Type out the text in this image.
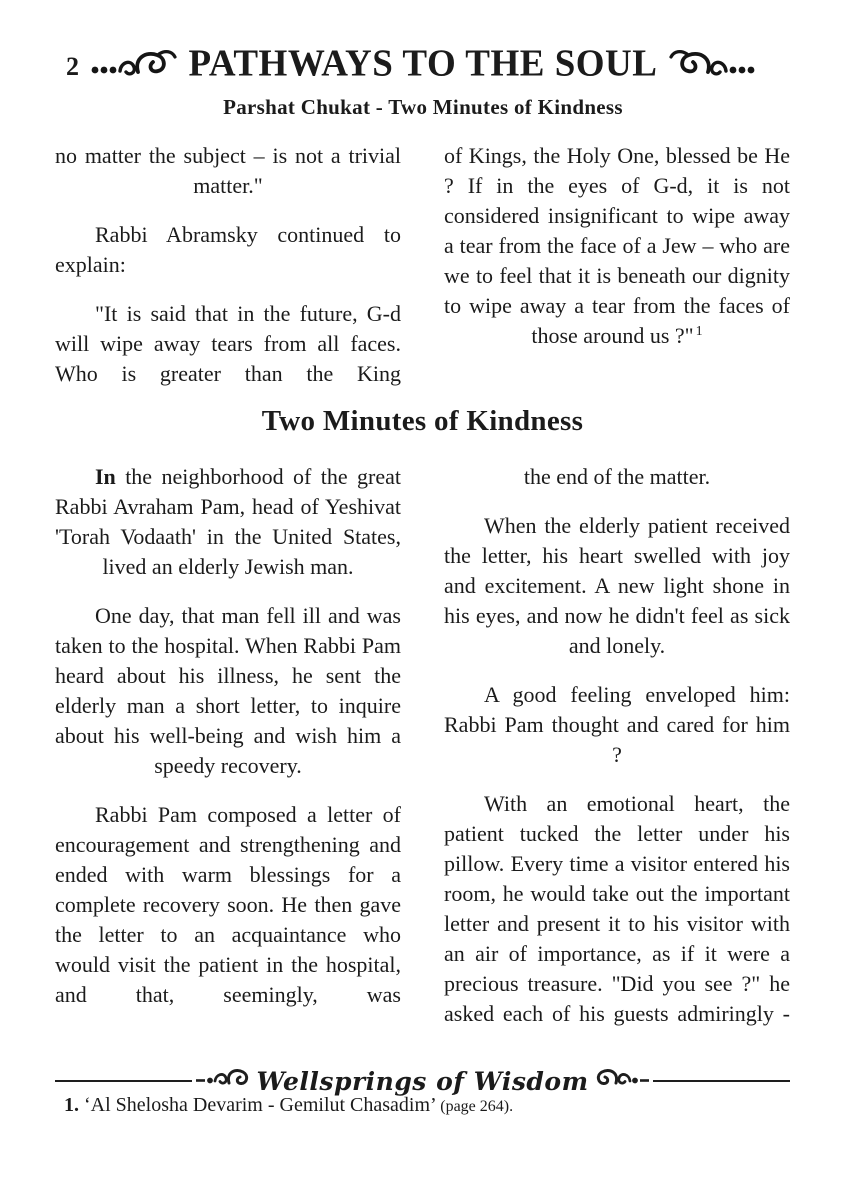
2	PATHWAYS TO THE SOUL
Parshat Chukat - Two Minutes of Kindness

no matter the subject – is not a trivial matter."

Rabbi Abramsky continued to explain:

"It is said that in the future, G-d will wipe away tears from all faces. Who is greater than the King

of Kings, the Holy One, blessed be He ? If in the eyes of G-d, it is not considered insignificant to wipe away a tear from the face of a Jew – who are we to feel that it is beneath our dignity to wipe away a tear from the faces of those around us ?" $^1$

Two Minutes of Kindness

In the neighborhood of the great Rabbi Avraham Pam, head of Yeshivat 'Torah Vodaath' in the United States, lived an elderly Jewish man.

One day, that man fell ill and was taken to the hospital. When Rabbi Pam heard about his illness, he sent the elderly man a short letter, to inquire about his well-being and wish him a speedy recovery.

Rabbi Pam composed a letter of encouragement and strengthening and ended with warm blessings for a complete recovery soon. He then gave the letter to an acquaintance who would visit the patient in the hospital, and that, seemingly, was

the end of the matter.

When the elderly patient received the letter, his heart swelled with joy and excitement. A new light shone in his eyes, and now he didn't feel as sick and lonely.

A good feeling enveloped him: Rabbi Pam thought and cared for him ?

With an emotional heart, the patient tucked the letter under his pillow. Every time a visitor entered his room, he would take out the important letter and present it to his visitor with an air of importance, as if it were a precious treasure. "Did you see ?" he asked each of his guests admiringly -

Wellsprings of Wisdom
1. ‘Al Shelosha Devarim - Gemilut Chasadim’ (page 264).
